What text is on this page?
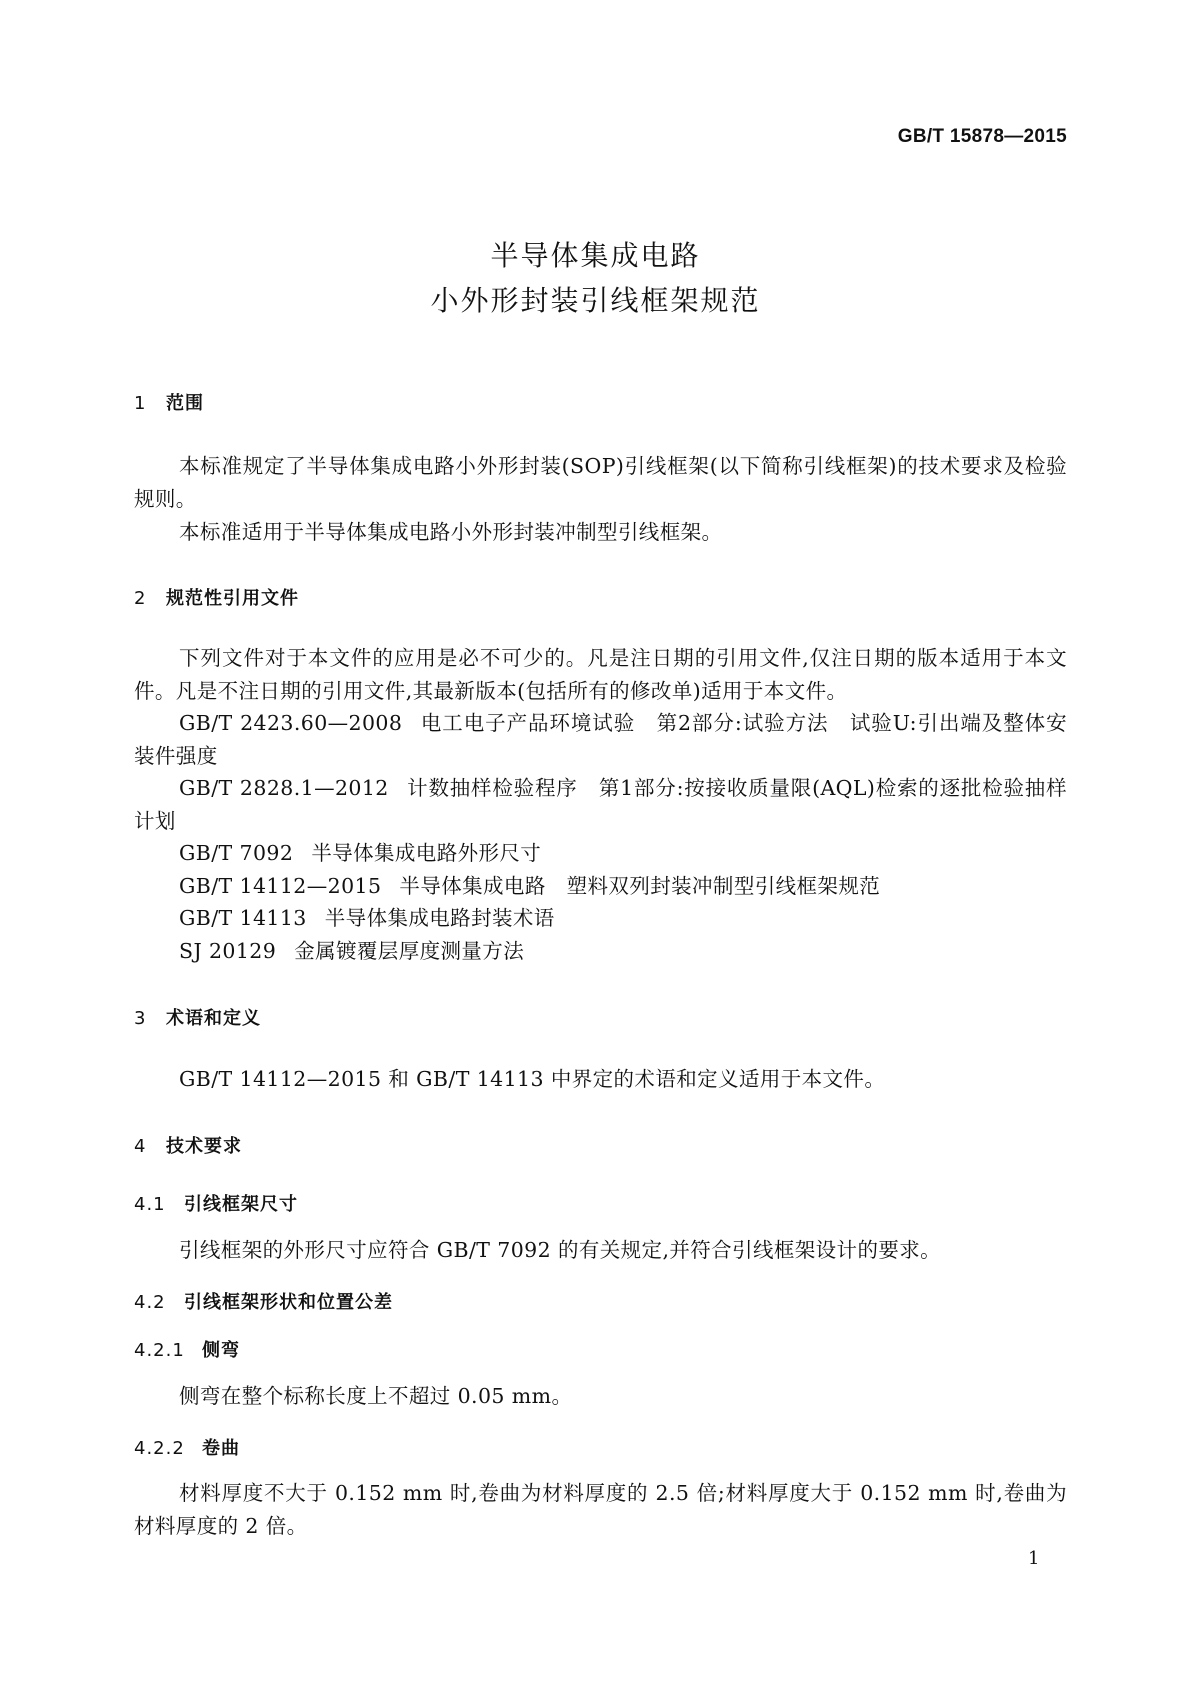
GB/T 15878—2015
半导体集成电路
小外形封装引线框架规范
1 范围
本标准规定了半导体集成电路小外形封装(SOP)引线框架(以下简称引线框架)的技术要求及检验规则。
本标准适用于半导体集成电路小外形封装冲制型引线框架。
2 规范性引用文件
下列文件对于本文件的应用是必不可少的。凡是注日期的引用文件,仅注日期的版本适用于本文件。凡是不注日期的引用文件,其最新版本(包括所有的修改单)适用于本文件。
GB/T 2423.60—2008 电工电子产品环境试验　第2部分:试验方法　试验U:引出端及整体安装件强度
GB/T 2828.1—2012 计数抽样检验程序　第1部分:按接收质量限(AQL)检索的逐批检验抽样计划
GB/T 7092 半导体集成电路外形尺寸
GB/T 14112—2015 半导体集成电路　塑料双列封装冲制型引线框架规范
GB/T 14113 半导体集成电路封装术语
SJ 20129 金属镀覆层厚度测量方法
3 术语和定义
GB/T 14112—2015 和 GB/T 14113 中界定的术语和定义适用于本文件。
4 技术要求
4.1 引线框架尺寸
引线框架的外形尺寸应符合 GB/T 7092 的有关规定,并符合引线框架设计的要求。
4.2 引线框架形状和位置公差
4.2.1 侧弯
侧弯在整个标称长度上不超过 0.05 mm。
4.2.2 卷曲
材料厚度不大于 0.152 mm 时,卷曲为材料厚度的 2.5 倍;材料厚度大于 0.152 mm 时,卷曲为材料厚度的 2 倍。
1
